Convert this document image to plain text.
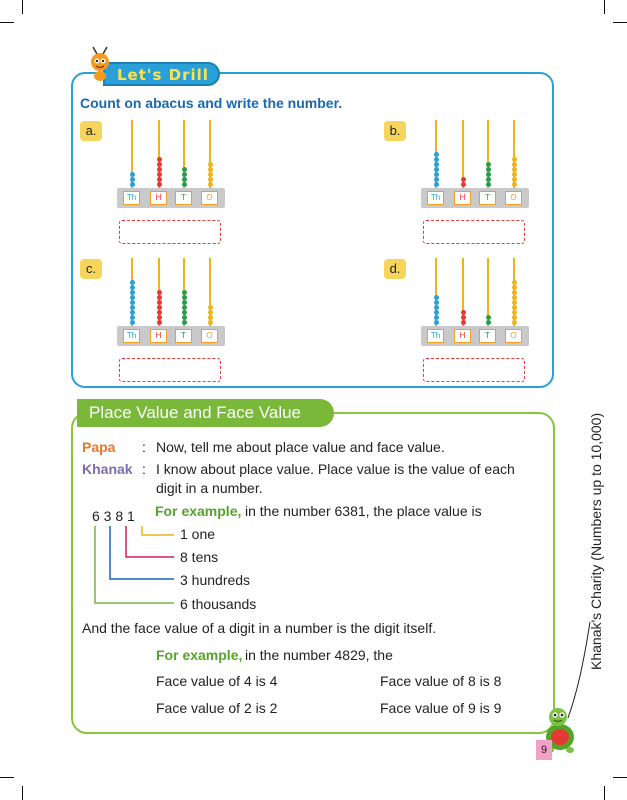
Let's Drill
Count on abacus and write the number.
a.	b.
c.	d.
Th	H	T	O	Th	H	T	O
Th	H	T	O	Th	H	T	O
Place Value and Face Value
Papa : Now, tell me about place value and face value.
Khanak : I know about place value. Place value is the value of each
digit in a number.
6 3 8 1 For example, in the number 6381, the place value is
1 one
8 tens
3 hundreds
6 thousands
And the face value of a digit in a number is the digit itself.
For example, in the number 4829, the
Face value of 4 is 4	Face value of 8 is 8
Face value of 2 is 2	Face value of 9 is 9
Khanak's Charity (Numbers up to 10,000)
9
